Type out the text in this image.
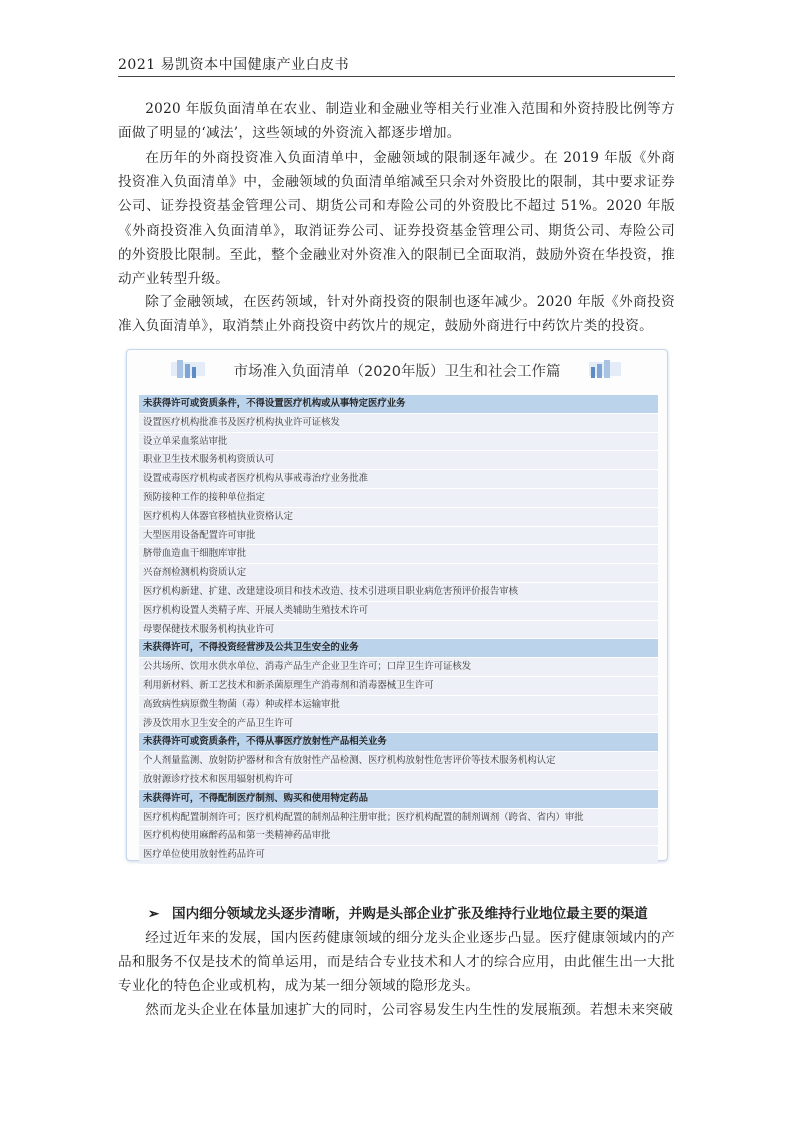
2021 易凯资本中国健康产业白皮书

2020 年版负面清单在农业、制造业和金融业等相关行业准入范围和外资持股比例等方面做了明显的‘减法’，这些领域的外资流入都逐步增加。

在历年的外商投资准入负面清单中，金融领域的限制逐年减少。在 2019 年版《外商投资准入负面清单》中，金融领域的负面清单缩减至只余对外资股比的限制，其中要求证券公司、证券投资基金管理公司、期货公司和寿险公司的外资股比不超过 51%。2020 年版《外商投资准入负面清单》，取消证券公司、证券投资基金管理公司、期货公司、寿险公司的外资股比限制。至此，整个金融业对外资准入的限制已全面取消，鼓励外资在华投资，推动产业转型升级。

除了金融领域，在医药领域，针对外商投资的限制也逐年减少。2020 年版《外商投资准入负面清单》，取消禁止外商投资中药饮片的规定，鼓励外商进行中药饮片类的投资。

市场准入负面清单（2020年版）卫生和社会工作篇
未获得许可或资质条件，不得设置医疗机构或从事特定医疗业务
设置医疗机构批准书及医疗机构执业许可证核发
设立单采血浆站审批
职业卫生技术服务机构资质认可
设置戒毒医疗机构或者医疗机构从事戒毒治疗业务批准
预防接种工作的接种单位指定
医疗机构人体器官移植执业资格认定
大型医用设备配置许可审批
脐带血造血干细胞库审批
兴奋剂检测机构资质认定
医疗机构新建、扩建、改建建设项目和技术改造、技术引进项目职业病危害预评价报告审核
医疗机构设置人类精子库、开展人类辅助生殖技术许可
母婴保健技术服务机构执业许可
未获得许可，不得投资经营涉及公共卫生安全的业务
公共场所、饮用水供水单位、消毒产品生产企业卫生许可；口岸卫生许可证核发
利用新材料、新工艺技术和新杀菌原理生产消毒剂和消毒器械卫生许可
高致病性病原微生物菌（毒）种或样本运输审批
涉及饮用水卫生安全的产品卫生许可
未获得许可或资质条件，不得从事医疗放射性产品相关业务
个人剂量监测、放射防护器材和含有放射性产品检测、医疗机构放射性危害评价等技术服务机构认定
放射源诊疗技术和医用辐射机构许可
未获得许可，不得配制医疗制剂、购买和使用特定药品
医疗机构配置制剂许可；医疗机构配置的制剂品种注册审批；医疗机构配置的制剂调剂（跨省、省内）审批
医疗机构使用麻醉药品和第一类精神药品审批
医疗单位使用放射性药品许可
➢ 国内细分领域龙头逐步清晰，并购是头部企业扩张及维持行业地位最主要的渠道

经过近年来的发展，国内医药健康领域的细分龙头企业逐步凸显。医疗健康领域内的产品和服务不仅是技术的简单运用，而是结合专业技术和人才的综合应用，由此催生出一大批专业化的特色企业或机构，成为某一细分领域的隐形龙头。

然而龙头企业在体量加速扩大的同时，公司容易发生内生性的发展瓶颈。若想未来突破
